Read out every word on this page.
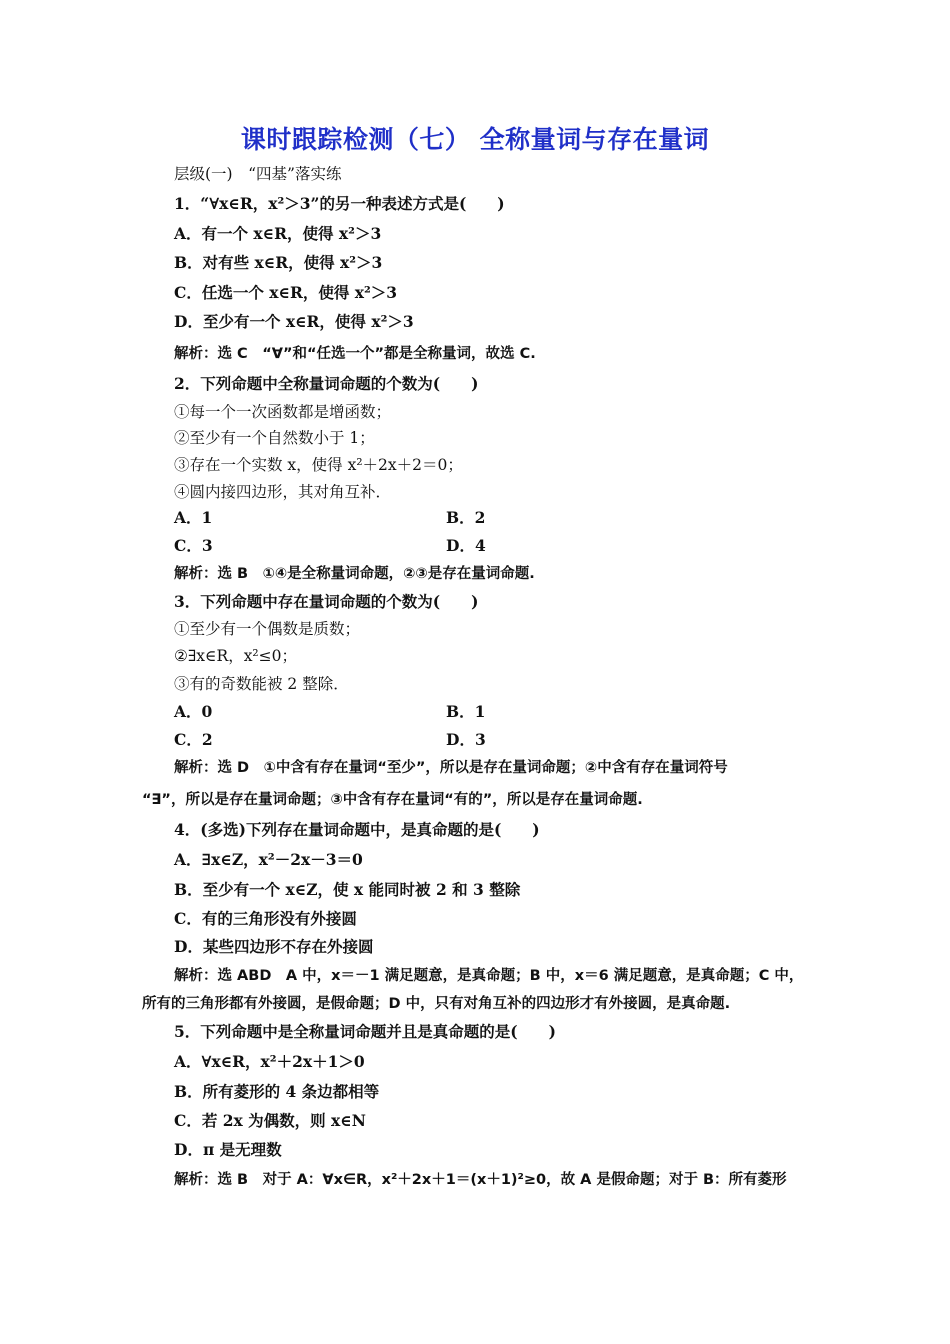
课时跟踪检测（七） 全称量词与存在量词
层级(一)　“四基”落实练
1．“∀x∈R，x²＞3”的另一种表述方式是(　　)
A．有一个 x∈R，使得 x²＞3
B．对有些 x∈R，使得 x²＞3
C．任选一个 x∈R，使得 x²＞3
D．至少有一个 x∈R，使得 x²＞3
解析：选 C　“∀”和“任选一个”都是全称量词，故选 C.
2．下列命题中全称量词命题的个数为(　　)
①每一个一次函数都是增函数；
②至少有一个自然数小于 1；
③存在一个实数 x，使得 x²＋2x＋2＝0；
④圆内接四边形，其对角互补．
A．1	B．2
C．3	D．4
解析：选 B　①④是全称量词命题，②③是存在量词命题.
3．下列命题中存在量词命题的个数为(　　)
①至少有一个偶数是质数；
②∃x∈R，x²≤0；
③有的奇数能被 2 整除．
A．0	B．1
C．2	D．3
解析：选 D　①中含有存在量词“至少”，所以是存在量词命题；②中含有存在量词符号
“∃”，所以是存在量词命题；③中含有存在量词“有的”，所以是存在量词命题.
4．(多选)下列存在量词命题中，是真命题的是(　　)
A．∃x∈Z，x²－2x－3＝0
B．至少有一个 x∈Z，使 x 能同时被 2 和 3 整除
C．有的三角形没有外接圆
D．某些四边形不存在外接圆
解析：选 ABD　A 中，x＝－1 满足题意，是真命题；B 中，x＝6 满足题意，是真命题；C 中，
所有的三角形都有外接圆，是假命题；D 中，只有对角互补的四边形才有外接圆，是真命题.
5．下列命题中是全称量词命题并且是真命题的是(　　)
A．∀x∈R，x²＋2x＋1＞0
B．所有菱形的 4 条边都相等
C．若 2x 为偶数，则 x∈N
D．π 是无理数
解析：选 B　对于 A：∀x∈R，x²＋2x＋1＝(x＋1)²≥0，故 A 是假命题；对于 B：所有菱形
